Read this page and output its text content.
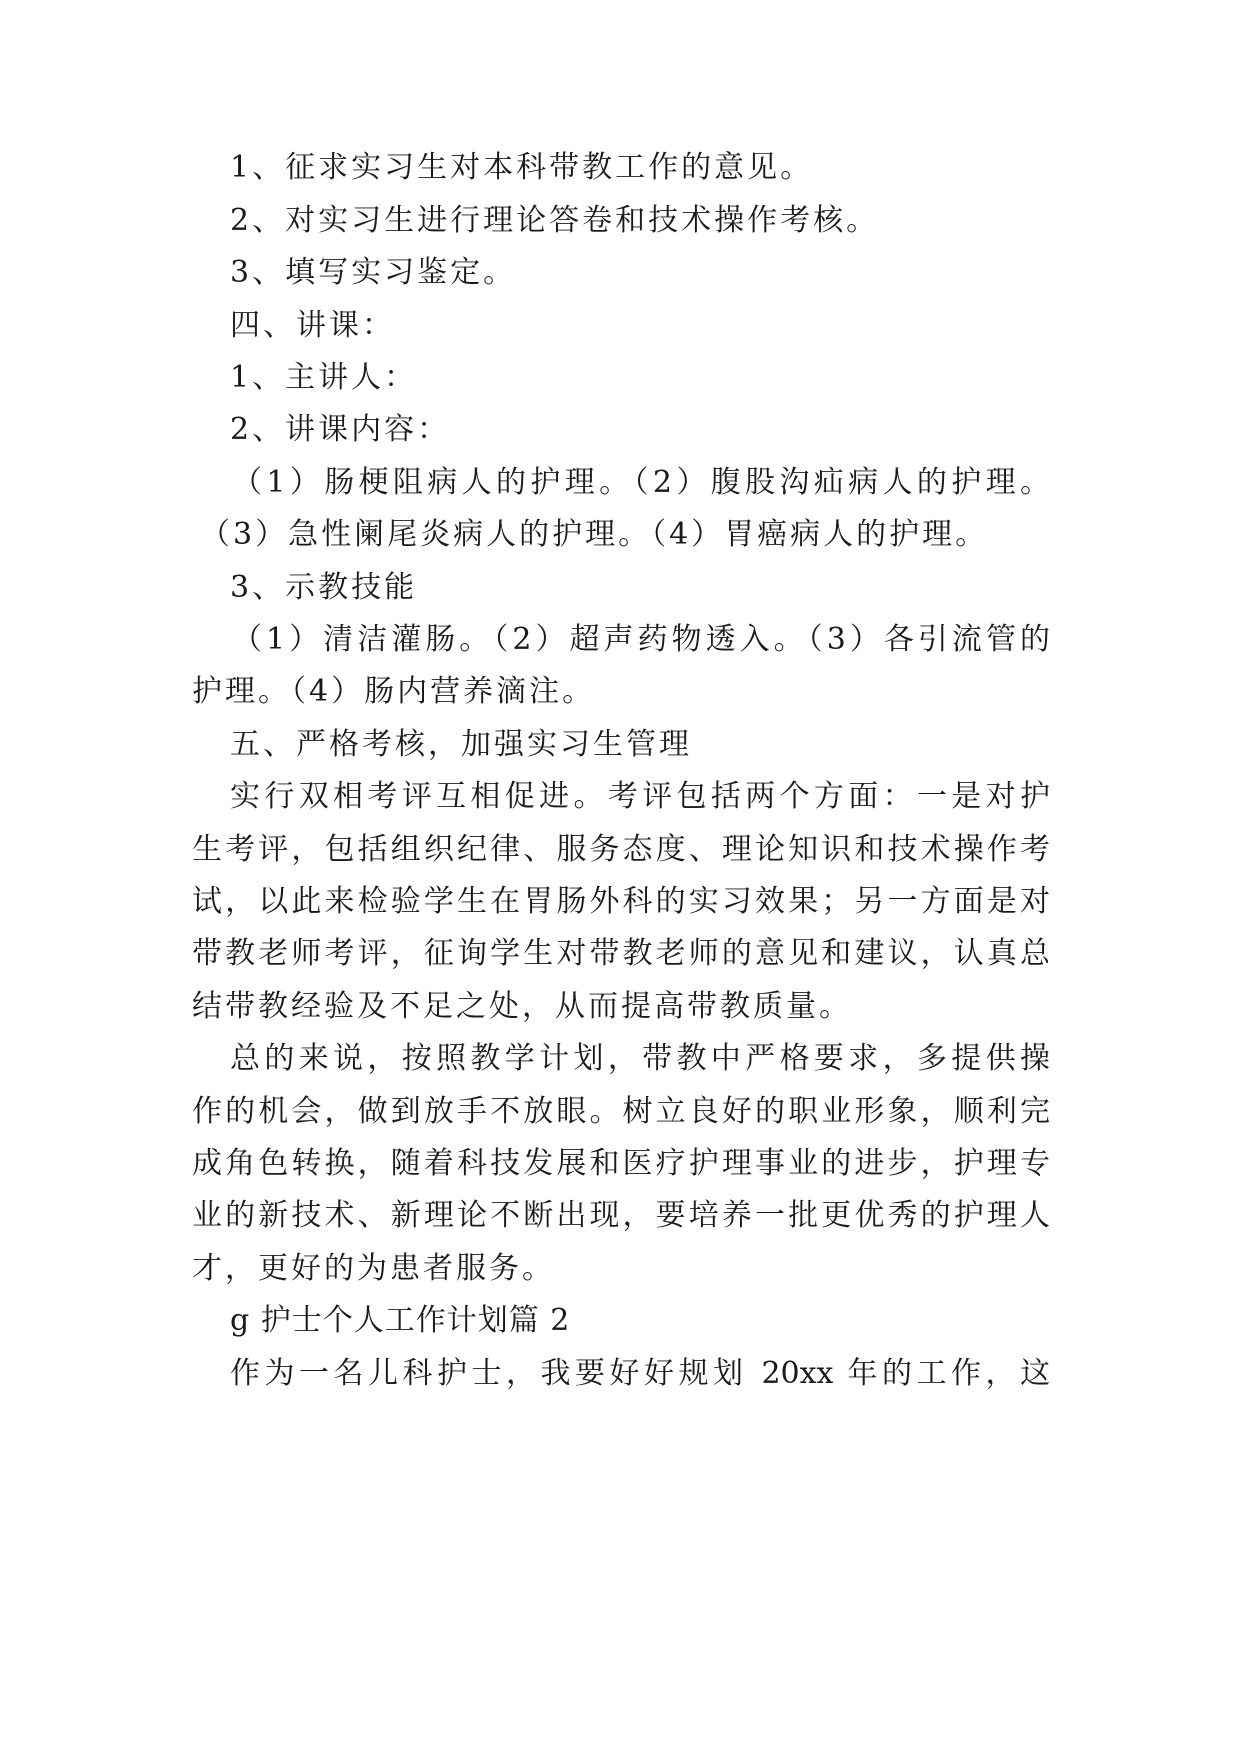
1、征求实习生对本科带教工作的意见。
2、对实习生进行理论答卷和技术操作考核。
3、填写实习鉴定。
四、讲课：
1、主讲人：
2、讲课内容：
（1）肠梗阻病人的护理。（2）腹股沟疝病人的护理。
（3）急性阑尾炎病人的护理。（4）胃癌病人的护理。
3、示教技能
（1）清洁灌肠。（2）超声药物透入。（3）各引流管的
护理。（4）肠内营养滴注。
五、严格考核，加强实习生管理
实行双相考评互相促进。考评包括两个方面：一是对护
生考评，包括组织纪律、服务态度、理论知识和技术操作考
试，以此来检验学生在胃肠外科的实习效果；另一方面是对
带教老师考评，征询学生对带教老师的意见和建议，认真总
结带教经验及不足之处，从而提高带教质量。
总的来说，按照教学计划，带教中严格要求，多提供操
作的机会，做到放手不放眼。树立良好的职业形象，顺利完
成角色转换，随着科技发展和医疗护理事业的进步，护理专
业的新技术、新理论不断出现，要培养一批更优秀的护理人
才，更好的为患者服务。
g 护士个人工作计划篇 2
作为一名儿科护士，我要好好规划 20xx 年的工作，这
